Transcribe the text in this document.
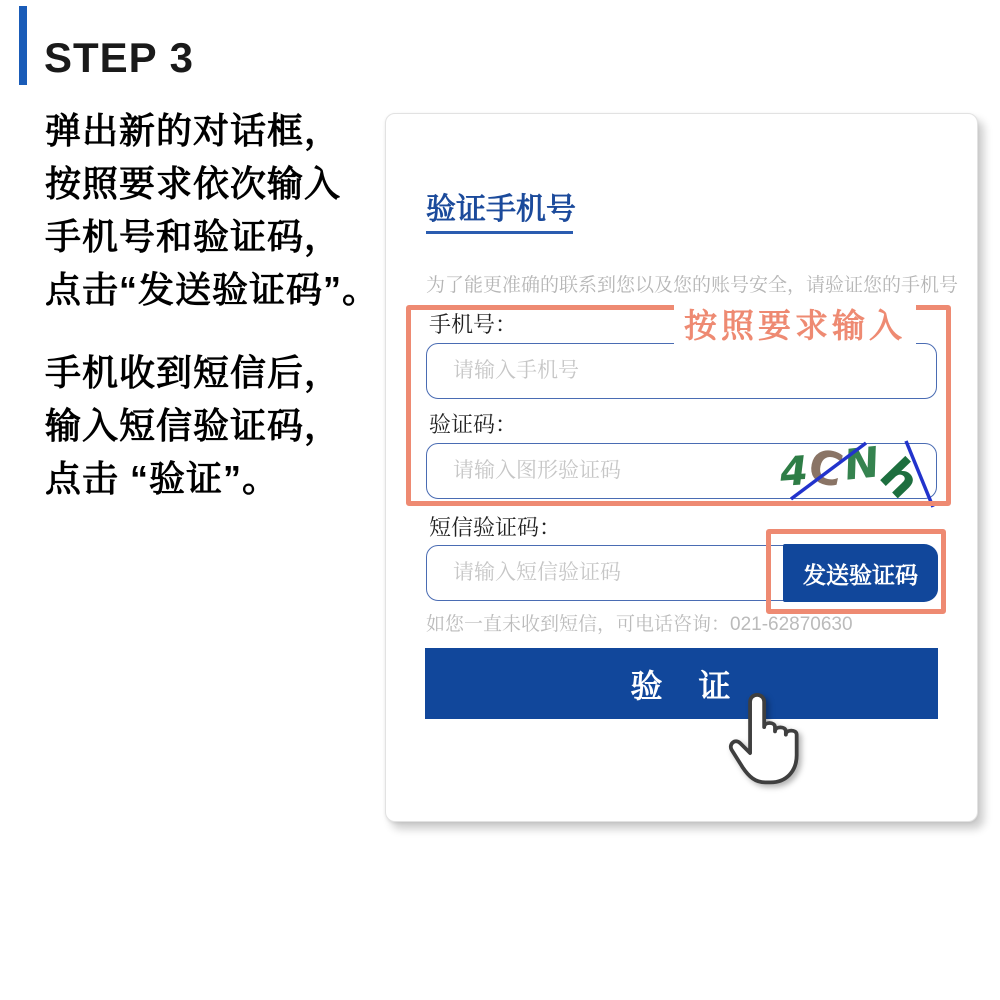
STEP 3
弹出新的对话框，
按照要求依次输入
手机号和验证码，
点击“发送验证码”。
手机收到短信后，
输入短信验证码，
点击 “验证”。
验证手机号

为了能更准确的联系到您以及您的账号安全，请验证您的手机号

手机号：
请输入手机号
验证码：
请输入图形验证码
4
C
N
h
短信验证码：
请输入短信验证码
发送验证码

如您一直未收到短信，可电话咨询：021-62870630

验　证
按照要求输入
